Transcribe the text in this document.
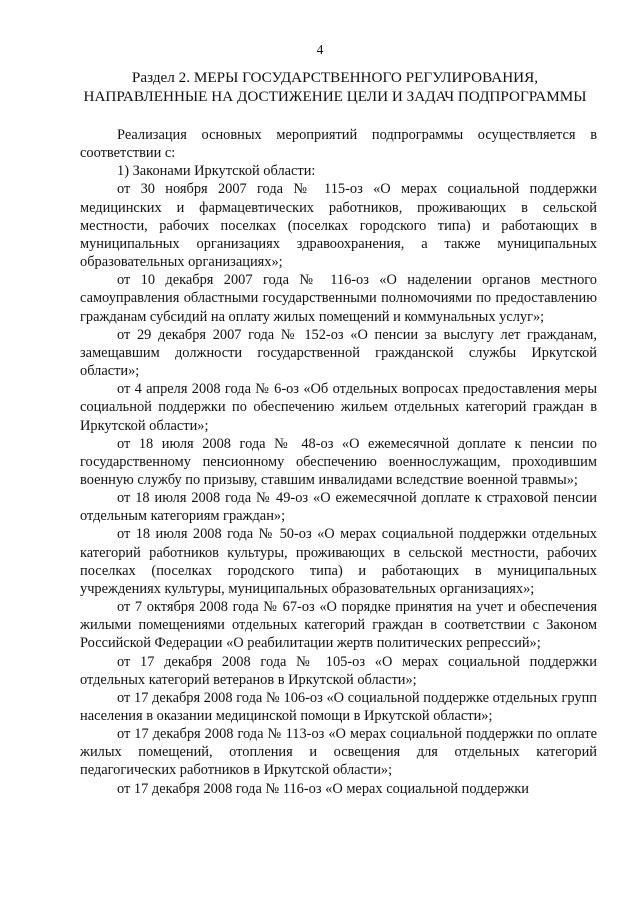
4
Раздел 2. МЕРЫ ГОСУДАРСТВЕННОГО РЕГУЛИРОВАНИЯ, НАПРАВЛЕННЫЕ НА ДОСТИЖЕНИЕ ЦЕЛИ И ЗАДАЧ ПОДПРОГРАММЫ

Реализация основных мероприятий подпрограммы осуществляется в соответствии с:

1) Законами Иркутской области:

от 30 ноября 2007 года № 115-оз «О мерах социальной поддержки медицинских и фармацевтических работников, проживающих в сельской местности, рабочих поселках (поселках городского типа) и работающих в муниципальных организациях здравоохранения, а также муниципальных образовательных организациях»;

от 10 декабря 2007 года № 116-оз «О наделении органов местного самоуправления областными государственными полномочиями по предоставлению гражданам субсидий на оплату жилых помещений и коммунальных услуг»;

от 29 декабря 2007 года № 152-оз «О пенсии за выслугу лет гражданам, замещавшим должности государственной гражданской службы Иркутской области»;

от 4 апреля 2008 года № 6-оз «Об отдельных вопросах предоставления меры социальной поддержки по обеспечению жильем отдельных категорий граждан в Иркутской области»;

от 18 июля 2008 года № 48-оз «О ежемесячной доплате к пенсии по государственному пенсионному обеспечению военнослужащим, проходившим военную службу по призыву, ставшим инвалидами вследствие военной травмы»;

от 18 июля 2008 года № 49-оз «О ежемесячной доплате к страховой пенсии отдельным категориям граждан»;

от 18 июля 2008 года № 50-оз «О мерах социальной поддержки отдельных категорий работников культуры, проживающих в сельской местности, рабочих поселках (поселках городского типа) и работающих в муниципальных учреждениях культуры, муниципальных образовательных организациях»;

от 7 октября 2008 года № 67-оз «О порядке принятия на учет и обеспечения жилыми помещениями отдельных категорий граждан в соответствии с Законом Российской Федерации «О реабилитации жертв политических репрессий»;

от 17 декабря 2008 года № 105-оз «О мерах социальной поддержки отдельных категорий ветеранов в Иркутской области»;

от 17 декабря 2008 года № 106-оз «О социальной поддержке отдельных групп населения в оказании медицинской помощи в Иркутской области»;

от 17 декабря 2008 года № 113-оз «О мерах социальной поддержки по оплате жилых помещений, отопления и освещения для отдельных категорий педагогических работников в Иркутской области»;

от 17 декабря 2008 года № 116-оз «О мерах социальной поддержки
